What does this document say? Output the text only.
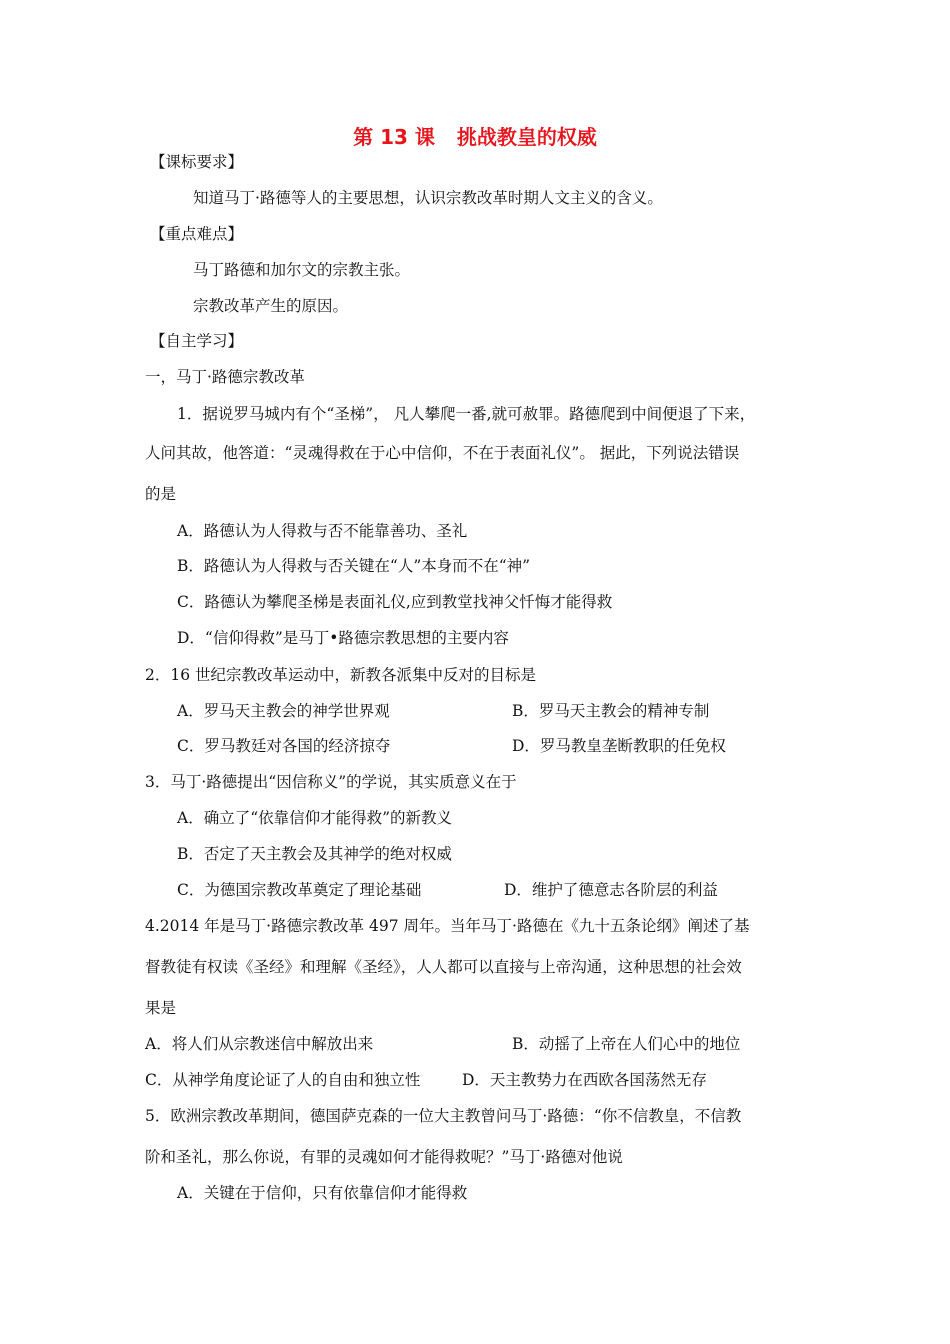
第 13 课 挑战教皇的权威
【课标要求】
知道马丁·路德等人的主要思想，认识宗教改革时期人文主义的含义。
【重点难点】
马丁路德和加尔文的宗教主张。
宗教改革产生的原因。
【自主学习】
一，马丁·路德宗教改革
1．据说罗马城内有个“圣梯”， 凡人攀爬一番,就可赦罪。路德爬到中间便退了下来，
人问其故，他答道：“灵魂得救在于心中信仰，不在于表面礼仪”。 据此，下列说法错误
的是
A．路德认为人得救与否不能靠善功、圣礼
B．路德认为人得救与否关键在“人”本身而不在“神”
C．路德认为攀爬圣梯是表面礼仪,应到教堂找神父忏悔才能得救
D．“信仰得救”是马丁•路德宗教思想的主要内容
2．16 世纪宗教改革运动中，新教各派集中反对的目标是
A．罗马天主教会的神学世界观	B．罗马天主教会的精神专制
C．罗马教廷对各国的经济掠夺	D．罗马教皇垄断教职的任免权
3．马丁·路德提出“因信称义”的学说，其实质意义在于
A．确立了“依靠信仰才能得救”的新教义
B．否定了天主教会及其神学的绝对权威
C．为德国宗教改革奠定了理论基础	D．维护了德意志各阶层的利益
4.2014 年是马丁·路德宗教改革 497 周年。当年马丁·路德在《九十五条论纲》阐述了基
督教徒有权读《圣经》和理解《圣经》，人人都可以直接与上帝沟通，这种思想的社会效
果是
A．将人们从宗教迷信中解放出来	B．动摇了上帝在人们心中的地位
C．从神学角度论证了人的自由和独立性	D．天主教势力在西欧各国荡然无存
5．欧洲宗教改革期间，德国萨克森的一位大主教曾问马丁·路德：“你不信教皇，不信教
阶和圣礼，那么你说，有罪的灵魂如何才能得救呢？”马丁·路德对他说
A．关键在于信仰，只有依靠信仰才能得救
